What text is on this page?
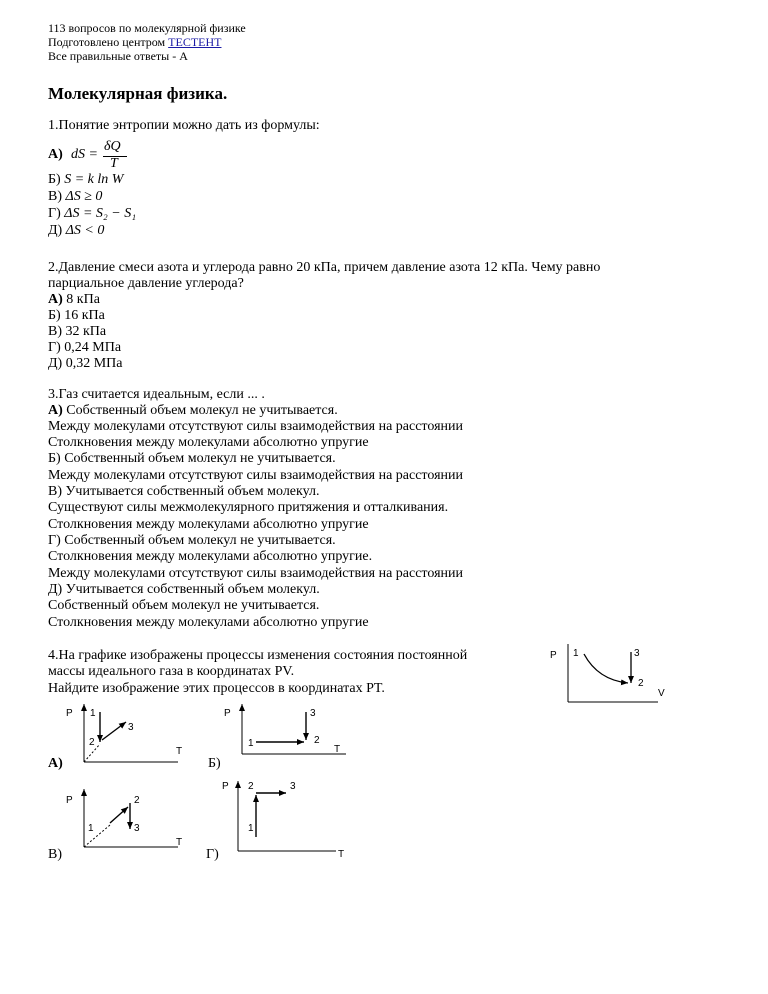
113 вопросов по молекулярной физике
Подготовлено центром ТЕСТЕНТ
Все правильные ответы - А
Молекулярная физика.
1.Понятие энтропии можно дать из формулы:
А) dS =
δQ
T
Б) S = k ln W
В) ΔS ≥ 0
Г) ΔS = S₂ − S₁
Д) ΔS < 0
2.Давление смеси азота и углерода равно 20 кПа, причем давление азота 12 кПа. Чему равно
парциальное давление углерода?
А) 8 кПа
Б) 16 кПа
В) 32 кПа
Г) 0,24 МПа
Д) 0,32 МПа
3.Газ считается идеальным, если ... .
А) Собственный объем молекул не учитывается.
Между молекулами отсутствуют силы взаимодействия на расстоянии
Столкновения между молекулами абсолютно упругие
Б) Собственный объем молекул не учитывается.
Между молекулами отсутствуют силы взаимодействия на расстоянии
В) Учитывается собственный объем молекул.
Существуют силы межмолекулярного притяжения и отталкивания.
Столкновения между молекулами абсолютно упругие
Г) Собственный объем молекул не учитывается.
Столкновения между молекулами абсолютно упругие.
Между молекулами отсутствуют силы взаимодействия на расстоянии
Д) Учитывается собственный объем молекул.
Собственный объем молекул не учитывается.
Столкновения между молекулами абсолютно упругие
4.На графике изображены процессы изменения состояния постоянной
массы идеального газа в координатах PV.
Найдите изображение этих процессов в координатах PT.
P
V
1	3
2
P
T
1
3
2
А)
P
T
1
3
2
Б)
P
T
1
2
3
В)
P
T
2	3
1
Г)
